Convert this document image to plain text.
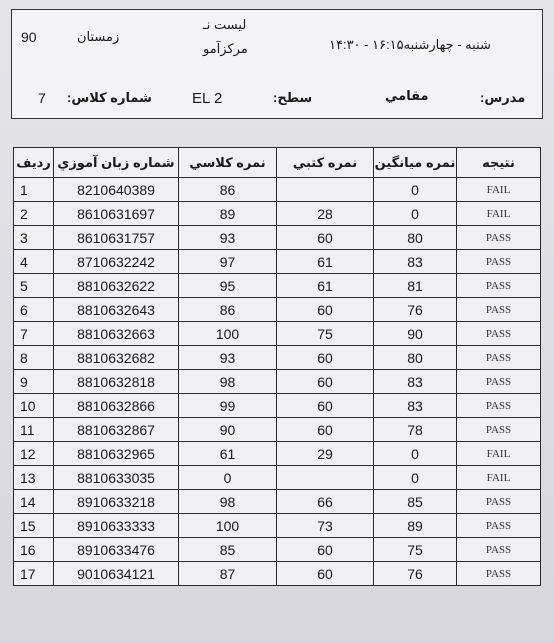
90	زمستان
لیست نـ
مرکزآمو	شنبه - چهارشنبه۱۶:۱۵ - ۱۴:۳۰
7 شماره کلاس:	EL 2	سطح:	مقامي	مدرس:
رديف	شماره زبان آموزي	نمره كلاسي	نمره كتبي	نمره ميانگين	نتيجه
1	8210640389	86		0	FAIL
2	8610631697	89	28	0	FAIL
3	8610631757	93	60	80	PASS
4	8710632242	97	61	83	PASS
5	8810632622	95	61	81	PASS
6	8810632643	86	60	76	PASS
7	8810632663	100	75	90	PASS
8	8810632682	93	60	80	PASS
9	8810632818	98	60	83	PASS
10	8810632866	99	60	83	PASS
11	8810632867	90	60	78	PASS
12	8810632965	61	29	0	FAIL
13	8810633035	0		0	FAIL
14	8910633218	98	66	85	PASS
15	8910633333	100	73	89	PASS
16	8910633476	85	60	75	PASS
17	9010634121	87	60	76	PASS
